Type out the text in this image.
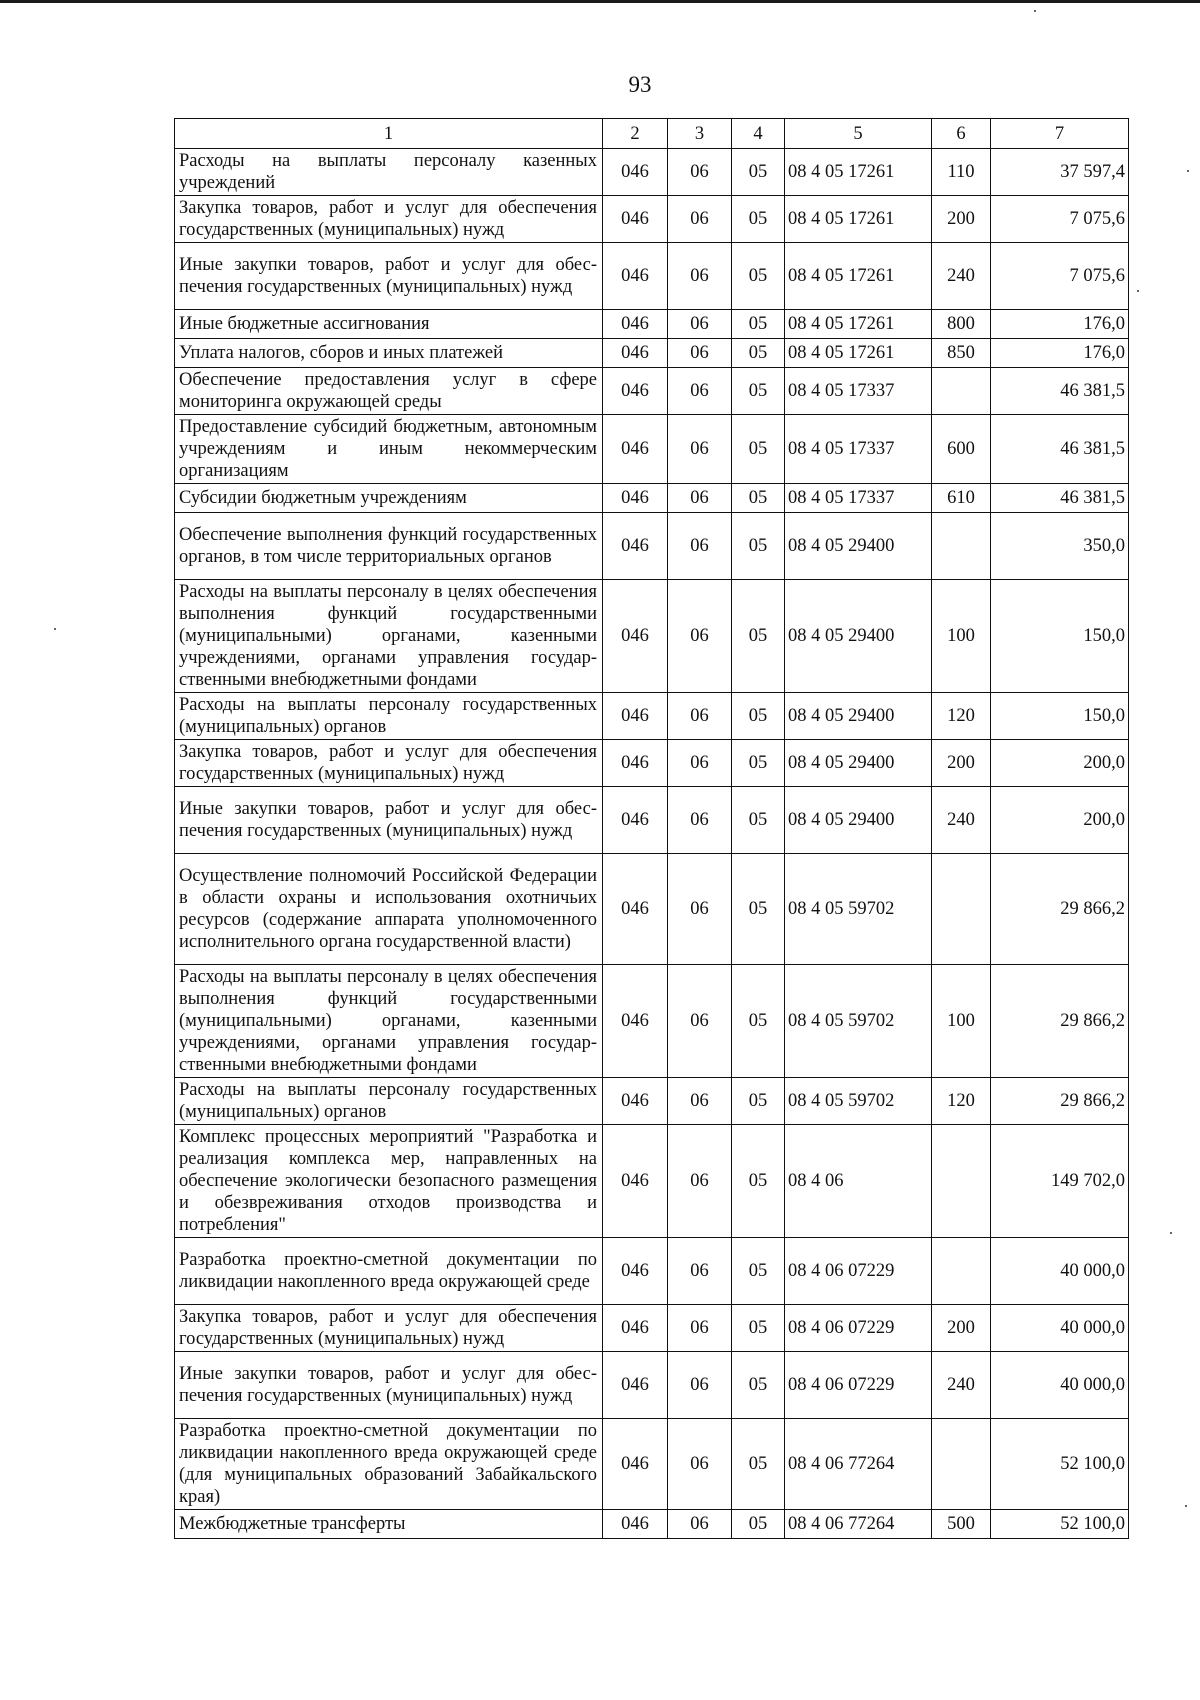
93
1	2	3	4	5	6	7
Расходы на выплаты персоналу казенных учреждений	046	06	05	08 4 05 17261	110	37 597,4
Закупка товаров, работ и услуг для обеспечения государственных (муниципальных) нужд	046	06	05	08 4 05 17261	200	7 075,6
Иные закупки товаров, работ и услуг для обеспечения государственных (муниципальных) нужд	046	06	05	08 4 05 17261	240	7 075,6
Иные бюджетные ассигнования	046	06	05	08 4 05 17261	800	176,0
Уплата налогов, сборов и иных платежей	046	06	05	08 4 05 17261	850	176,0
Обеспечение предоставления услуг в сфере мониторинга окружающей среды	046	06	05	08 4 05 17337		46 381,5
Предоставление субсидий бюджетным, автономным учреждениям и иным некоммерческим организациям	046	06	05	08 4 05 17337	600	46 381,5
Субсидии бюджетным учреждениям	046	06	05	08 4 05 17337	610	46 381,5
Обеспечение выполнения функций государственных органов, в том числе территориальных органов	046	06	05	08 4 05 29400		350,0
Расходы на выплаты персоналу в целях обеспечения выполнения функций государственными (муниципальными) органами, казенными учреждениями, органами управления государственными внебюджетными фондами	046	06	05	08 4 05 29400	100	150,0
Расходы на выплаты персоналу государственных (муниципальных) органов	046	06	05	08 4 05 29400	120	150,0
Закупка товаров, работ и услуг для обеспечения государственных (муниципальных) нужд	046	06	05	08 4 05 29400	200	200,0
Иные закупки товаров, работ и услуг для обеспечения государственных (муниципальных) нужд	046	06	05	08 4 05 29400	240	200,0
Осуществление полномочий Российской Федерации в области охраны и использования охотничьих ресурсов (содержание аппарата уполномоченного исполнительного органа государственной власти)	046	06	05	08 4 05 59702		29 866,2
Расходы на выплаты персоналу в целях обеспечения выполнения функций государственными (муниципальными) органами, казенными учреждениями, органами управления государственными внебюджетными фондами	046	06	05	08 4 05 59702	100	29 866,2
Расходы на выплаты персоналу государственных (муниципальных) органов	046	06	05	08 4 05 59702	120	29 866,2
Комплекс процессных мероприятий "Разработка и реализация комплекса мер, направленных на обеспечение экологически безопасного размещения и обезвреживания отходов производства и потребления"	046	06	05	08 4 06		149 702,0
Разработка проектно-сметной документации по ликвидации накопленного вреда окружающей среде	046	06	05	08 4 06 07229		40 000,0
Закупка товаров, работ и услуг для обеспечения государственных (муниципальных) нужд	046	06	05	08 4 06 07229	200	40 000,0
Иные закупки товаров, работ и услуг для обеспечения государственных (муниципальных) нужд	046	06	05	08 4 06 07229	240	40 000,0
Разработка проектно-сметной документации по ликвидации накопленного вреда окружающей среде (для муниципальных образований Забайкальского края)	046	06	05	08 4 06 77264		52 100,0
Межбюджетные трансферты	046	06	05	08 4 06 77264	500	52 100,0
